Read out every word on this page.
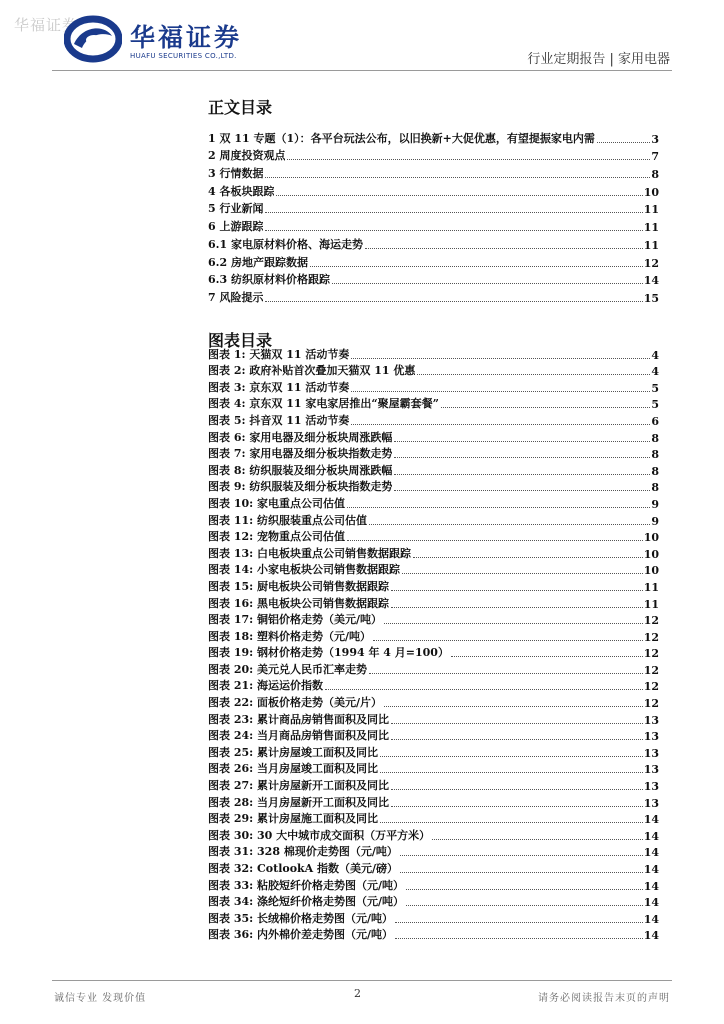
华福证券 华福证券
HUAFU SECURITIES CO.,LTD.	行业定期报告 | 家用电器
正文目录
1 双 11 专题（1）：各平台玩法公布，以旧换新+大促优惠，有望提振家电内需	3
2 周度投资观点	7
3 行情数据	8
4 各板块跟踪	10
5 行业新闻	11
6 上游跟踪	11
6.1 家电原材料价格、海运走势	11
6.2 房地产跟踪数据	12
6.3 纺织原材料价格跟踪	14
7 风险提示	15
图表目录
图表 1: 天猫双 11 活动节奏	4
图表 2: 政府补贴首次叠加天猫双 11 优惠	4
图表 3: 京东双 11 活动节奏	5
图表 4: 京东双 11 家电家居推出“聚屋霸套餐”	5
图表 5: 抖音双 11 活动节奏	6
图表 6: 家用电器及细分板块周涨跌幅	8
图表 7: 家用电器及细分板块指数走势	8
图表 8: 纺织服装及细分板块周涨跌幅	8
图表 9: 纺织服装及细分板块指数走势	8
图表 10: 家电重点公司估值	9
图表 11: 纺织服装重点公司估值	9
图表 12: 宠物重点公司估值	10
图表 13: 白电板块重点公司销售数据跟踪	10
图表 14: 小家电板块公司销售数据跟踪	10
图表 15: 厨电板块公司销售数据跟踪	11
图表 16: 黑电板块公司销售数据跟踪	11
图表 17: 铜铝价格走势（美元/吨）	12
图表 18: 塑料价格走势（元/吨）	12
图表 19: 钢材价格走势（1994 年 4 月=100）	12
图表 20: 美元兑人民币汇率走势	12
图表 21: 海运运价指数	12
图表 22: 面板价格走势（美元/片）	12
图表 23: 累计商品房销售面积及同比	13
图表 24: 当月商品房销售面积及同比	13
图表 25: 累计房屋竣工面积及同比	13
图表 26: 当月房屋竣工面积及同比	13
图表 27: 累计房屋新开工面积及同比	13
图表 28: 当月房屋新开工面积及同比	13
图表 29: 累计房屋施工面积及同比	14
图表 30: 30 大中城市成交面积（万平方米）	14
图表 31: 328 棉现价走势图（元/吨）	14
图表 32: CotlookA 指数（美元/磅）	14
图表 33: 粘胶短纤价格走势图（元/吨）	14
图表 34: 涤纶短纤价格走势图（元/吨）	14
图表 35: 长绒棉价格走势图（元/吨）	14
图表 36: 内外棉价差走势图（元/吨）	14
诚信专业 发现价值	2	请务必阅读报告末页的声明
